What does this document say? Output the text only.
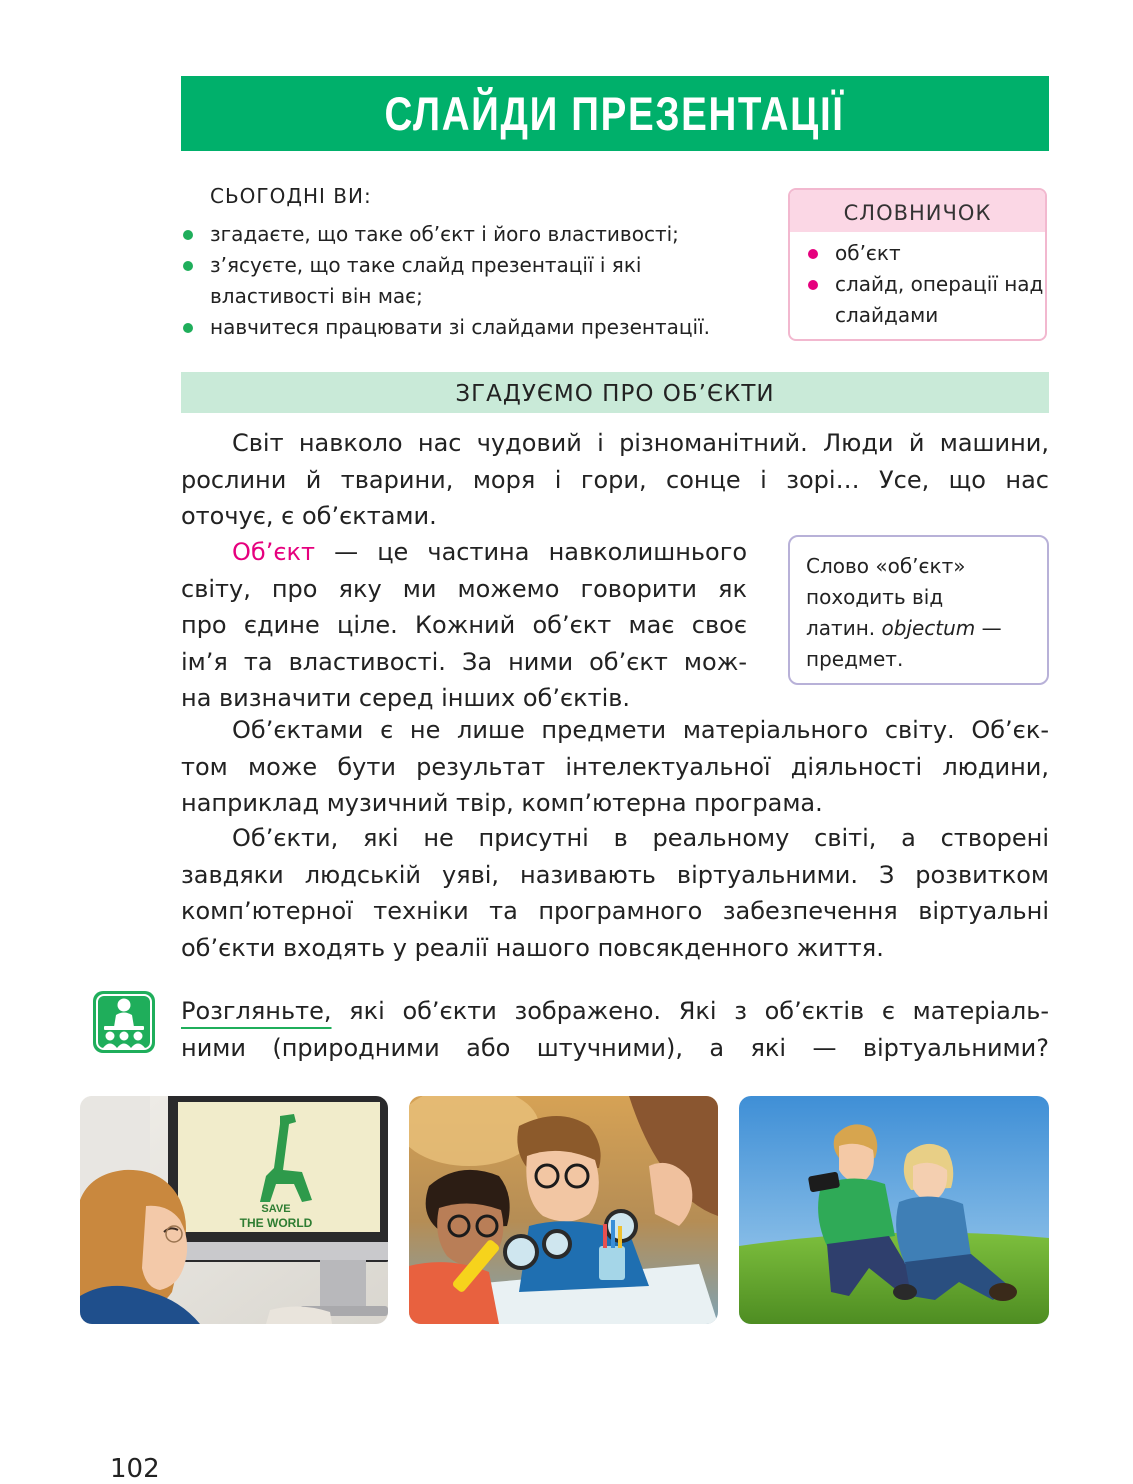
СЛАЙДИ ПРЕЗЕНТАЦІЇ
СЬОГОДНІ ВИ:
згадаєте, що таке об’єкт і його властивості;
з’ясуєте, що таке слайд презентації і які властивості він має;
навчитеся працювати зі слайдами презентації.
СЛОВНИЧОК
об’єкт
слайд, операції над слайдами
ЗГАДУЄМО ПРО ОБ’ЄКТИ
Світ навколо нас чудовий і різноманітний. Люди й машини,
рослини й тварини, моря і гори, сонце і зорі… Усе, що нас
оточує, є об’єктами.
Об’єкт — це частина навколишнього
світу, про яку ми можемо говорити як
про єдине ціле. Кожний об’єкт має своє
ім’я та властивості. За ними об’єкт мож-
на визначити серед інших об’єктів.
Слово «об’єкт»
походить від
латин. objectum —
предмет.
Об’єктами є не лише предмети матеріального світу. Об’єк-
том може бути результат інтелектуальної діяльності людини,
наприклад музичний твір, комп’ютерна програма.
Об’єкти, які не присутні в реальному світі, а створені
завдяки людській уяві, називають віртуальними. З розвитком
комп’ютерної техніки та програмного забезпечення віртуальні
об’єкти входять у реалії нашого повсякденного життя.
Розгляньте, які об’єкти зображено. Які з об’єктів є матеріаль-
ними (природними або штучними), а які — віртуальними?
SAVE
THE WORLD
102
